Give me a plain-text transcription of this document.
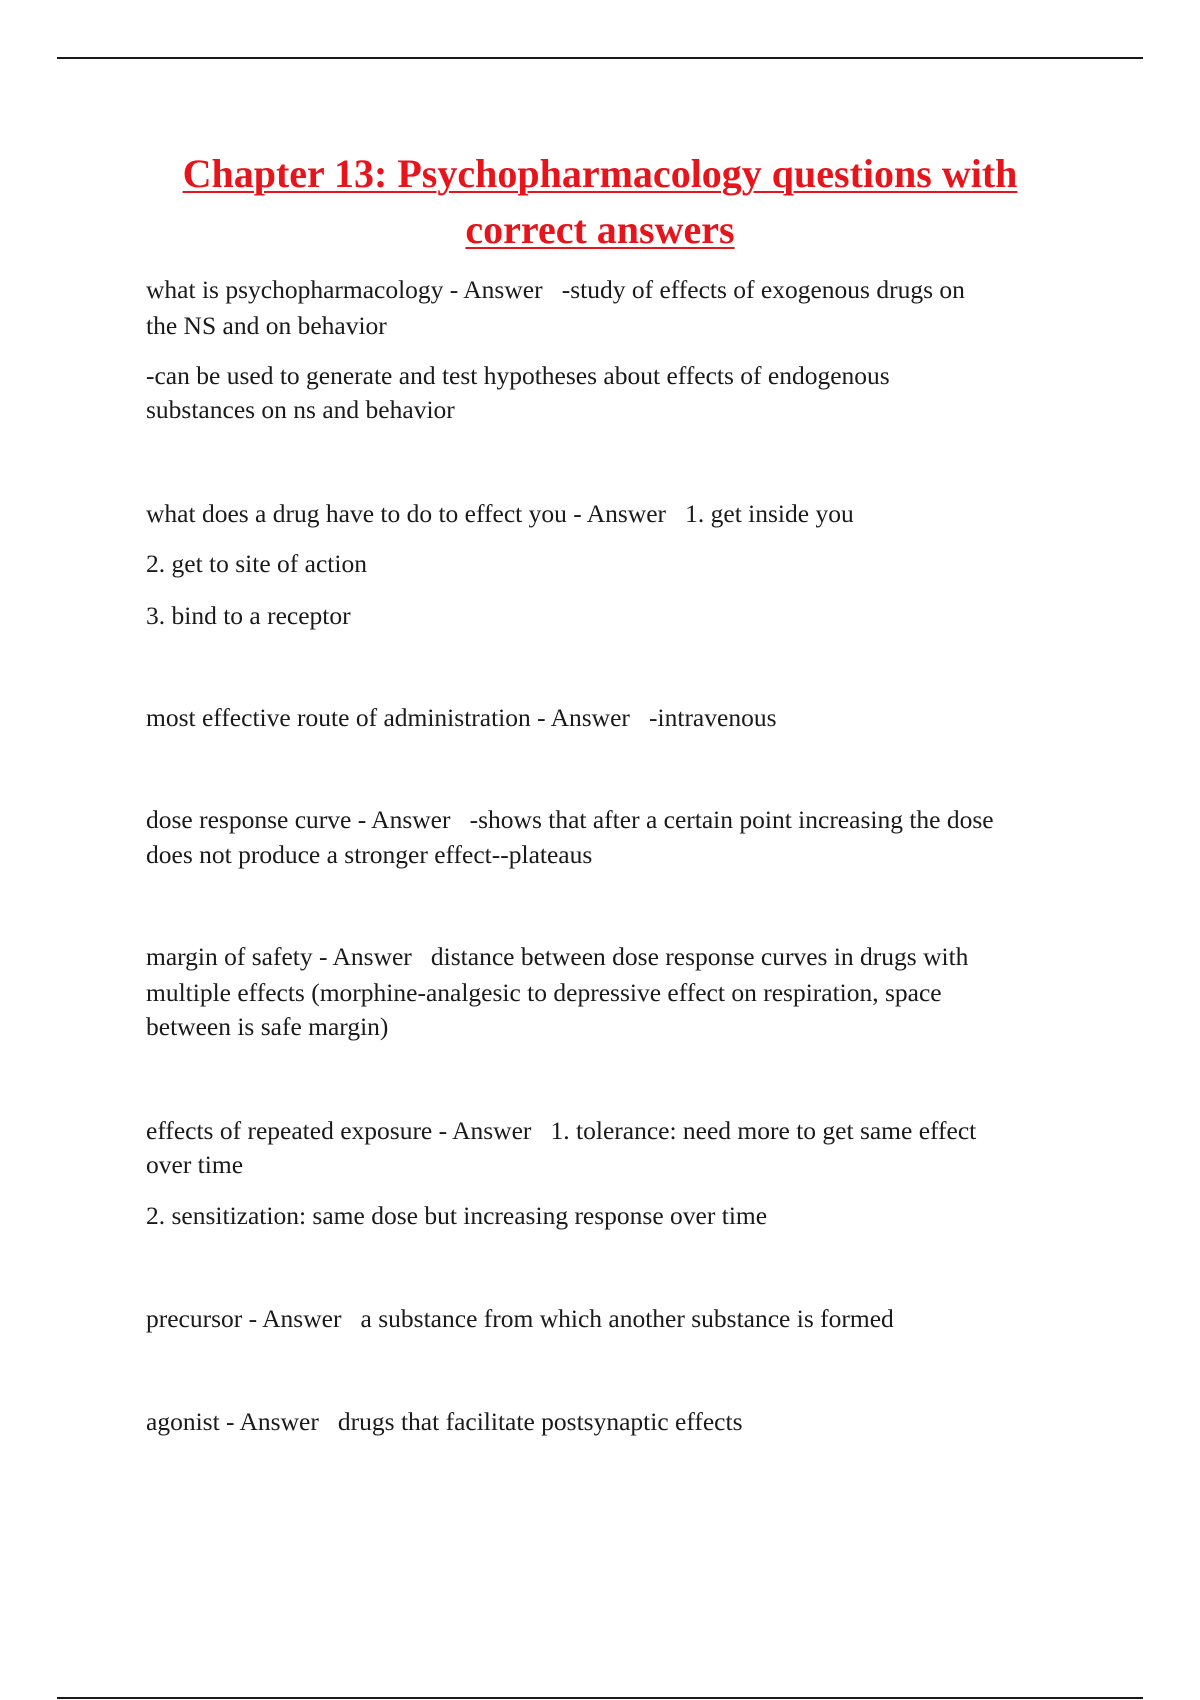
Chapter 13: Psychopharmacology questions with
correct answers

what is psychopharmacology - Answer   -study of effects of exogenous drugs on

the NS and on behavior

-can be used to generate and test hypotheses about effects of endogenous

substances on ns and behavior

what does a drug have to do to effect you - Answer   1. get inside you

2. get to site of action

3. bind to a receptor

most effective route of administration - Answer   -intravenous

dose response curve - Answer   -shows that after a certain point increasing the dose

does not produce a stronger effect--plateaus

margin of safety - Answer   distance between dose response curves in drugs with

multiple effects (morphine-analgesic to depressive effect on respiration, space

between is safe margin)

effects of repeated exposure - Answer   1. tolerance: need more to get same effect

over time

2. sensitization: same dose but increasing response over time

precursor - Answer   a substance from which another substance is formed

agonist - Answer   drugs that facilitate postsynaptic effects
